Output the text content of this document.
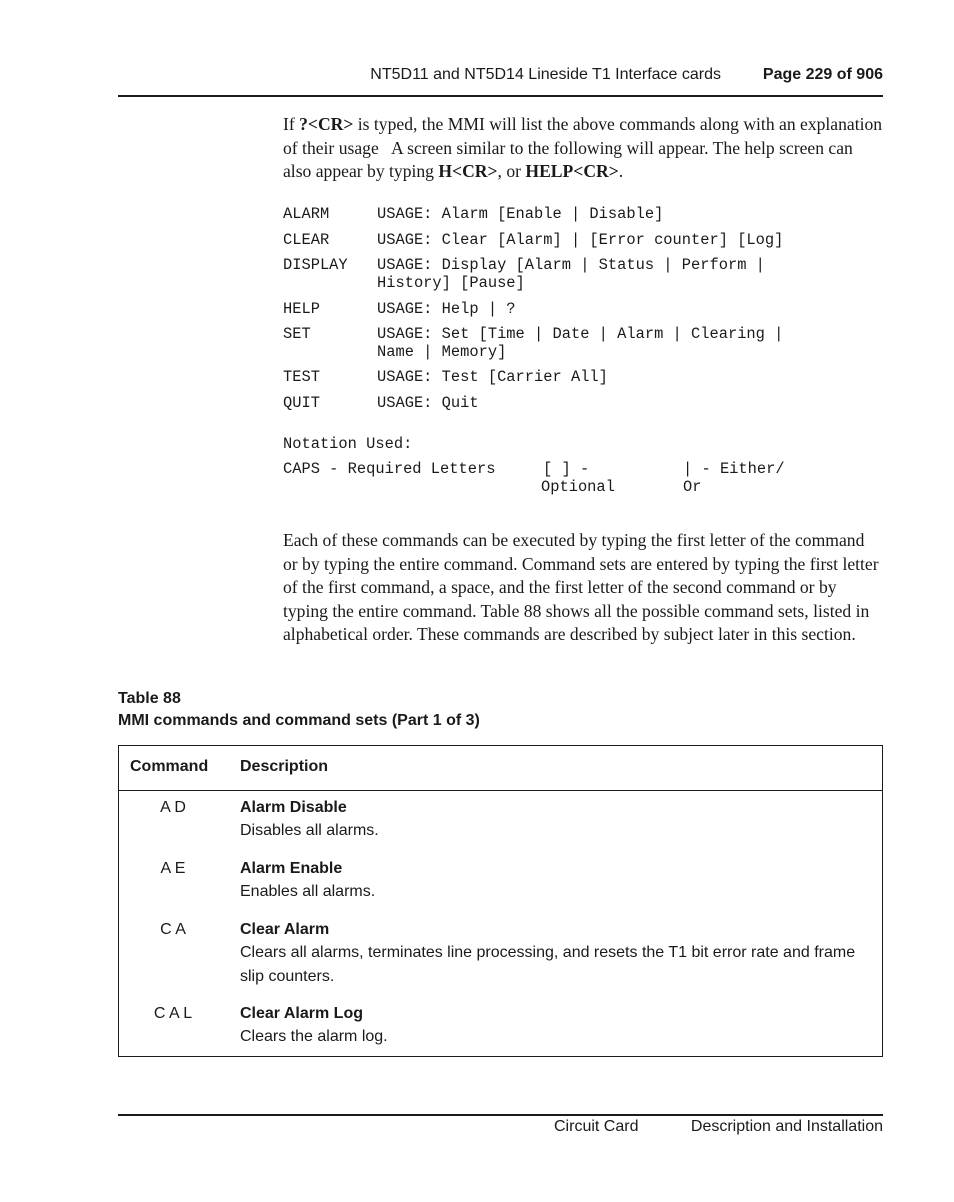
NT5D11 and NT5D14 Lineside T1 Interface cards	Page 229 of 906
If ?<CR> is typed, the MMI will list the above commands along with an explanation of their usage   A screen similar to the following will appear. The help screen can also appear by typing H<CR>, or HELP<CR>.
ALARM	USAGE: Alarm [Enable | Disable]
CLEAR	USAGE: Clear [Alarm] | [Error counter] [Log]
DISPLAY USAGE: Display [Alarm | Status | Perform |
History] [Pause]
HELP	USAGE: Help | ?
SET	USAGE: Set [Time | Date | Alarm | Clearing |
Name | Memory]
TEST	USAGE: Test [Carrier All]
QUIT	USAGE: Quit
Notation Used:
CAPS - Required Letters	[ ] -
Optional
| - Either/
Or
Each of these commands can be executed by typing the first letter of the command or by typing the entire command. Command sets are entered by typing the first letter of the first command, a space, and the first letter of the second command or by typing the entire command. Table 88 shows all the possible command sets, listed in alphabetical order. These commands are described by subject later in this section.
Table 88
MMI commands and command sets (Part 1 of 3)
Command Description
A D	Alarm Disable
Disables all alarms.
A E	Alarm Enable
Enables all alarms.
C A	Clear Alarm
Clears all alarms, terminates line processing, and resets the T1 bit error rate and frame slip counters.
C A L	Clear Alarm Log
Clears the alarm log.
Circuit Card	Description and Installation
